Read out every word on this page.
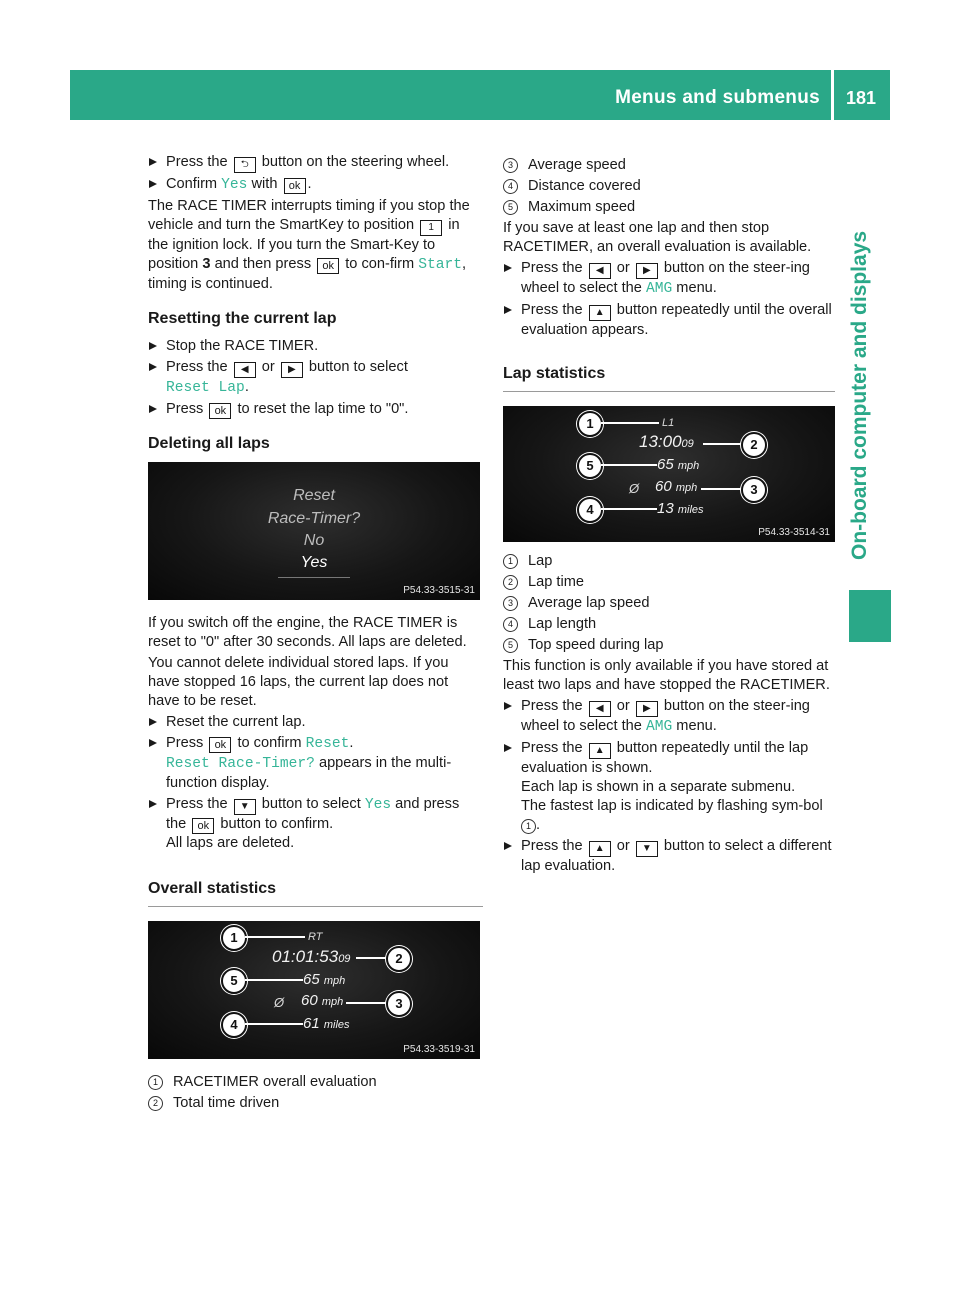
Menus and submenus	181
On-board computer and displays

Press the ⮌ button on the steering wheel.

Confirm Yes with ok .

The RACE TIMER interrupts timing if you stop the vehicle and turn the SmartKey to position 1 in the ignition lock. If you turn the Smart-Key to position 3 and then press ok to con-firm Start, timing is continued.

Resetting the current lap

Stop the RACE TIMER.

Press the ◀ or ▶ button to select
Reset Lap.

Press ok to reset the lap time to "0".

Deleting all laps
Reset
Race-Timer?
No
Yes
P54.33-3515-31

If you switch off the engine, the RACE TIMER is reset to "0" after 30 seconds. All laps are deleted.

You cannot delete individual stored laps. If you have stopped 16 laps, the current lap does not have to be reset.

Reset the current lap.

Press ok to confirm Reset.
Reset Race-Timer? appears in the multi-function display.

Press the ▼ button to select Yes and press the ok button to confirm.
All laps are deleted.

Overall statistics
1	RT
01:01:5309	2
5	65 mph
Ø 60 mph	3
4	61 miles
P54.33-3519-31

1	RACETIMER overall evaluation

2	Total time driven

3	Average speed

4	Distance covered

5	Maximum speed

If you save at least one lap and then stop RACETIMER, an overall evaluation is available.

Press the ◀ or ▶ button on the steer-ing wheel to select the AMG menu.

Press the ▲ button repeatedly until the overall evaluation appears.

Lap statistics
1	L1
13:0009	2
5	65 mph
Ø 60 mph	3
4	13 miles
P54.33-3514-31

1	Lap

2	Lap time

3	Average lap speed

4	Lap length

5	Top speed during lap

This function is only available if you have stored at least two laps and have stopped the RACETIMER.

Press the ◀ or ▶ button on the steer-ing wheel to select the AMG menu.

Press the ▲ button repeatedly until the lap evaluation is shown.
Each lap is shown in a separate submenu.
The fastest lap is indicated by flashing sym-bol 1 .

Press the ▲ or ▼ button to select a different lap evaluation.
